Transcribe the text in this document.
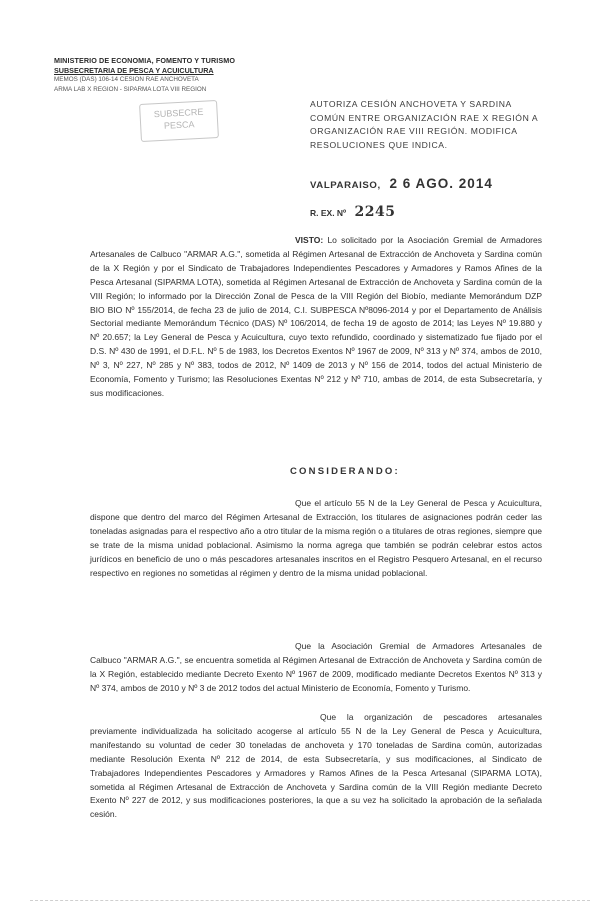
MINISTERIO DE ECONOMIA, FOMENTO Y TURISMO
SUBSECRETARIA DE PESCA Y ACUICULTURA
MEMOS (DAS) 106-14 CESION RAE ANCHOVETA
ARMA LAB X REGION - SIPARMA LOTA VIII REGION
SUBSECRE
PESCA
AUTORIZA CESIÓN ANCHOVETA Y SARDINA COMÚN ENTRE ORGANIZACIÓN RAE X REGIÓN A ORGANIZACIÓN RAE VIII REGIÓN. MODIFICA RESOLUCIONES QUE INDICA.
VALPARAISO, 2 6 AGO. 2014
R. EX. Nº 2245
VISTO: Lo solicitado por la Asociación Gremial de Armadores Artesanales de Calbuco "ARMAR A.G.", sometida al Régimen Artesanal de Extracción de Anchoveta y Sardina común de la X Región y por el Sindicato de Trabajadores Independientes Pescadores y Armadores y Ramos Afines de la Pesca Artesanal (SIPARMA LOTA), sometida al Régimen Artesanal de Extracción de Anchoveta y Sardina común de la VIII Región; lo informado por la Dirección Zonal de Pesca de la VIII Región del Biobío, mediante Memorándum DZP BIO BIO Nº 155/2014, de fecha 23 de julio de 2014, C.I. SUBPESCA Nº8096-2014 y por el Departamento de Análisis Sectorial mediante Memorándum Técnico (DAS) Nº 106/2014, de fecha 19 de agosto de 2014; las Leyes Nº 19.880 y Nº 20.657; la Ley General de Pesca y Acuicultura, cuyo texto refundido, coordinado y sistematizado fue fijado por el D.S. Nº 430 de 1991, el D.F.L. Nº 5 de 1983, los Decretos Exentos Nº 1967 de 2009, Nº 313 y Nº 374, ambos de 2010, Nº 3, Nº 227, Nº 285 y Nº 383, todos de 2012, Nº 1409 de 2013 y Nº 156 de 2014, todos del actual Ministerio de Economía, Fomento y Turismo; las Resoluciones Exentas Nº 212 y Nº 710, ambas de 2014, de esta Subsecretaría, y sus modificaciones.
CONSIDERANDO:
Que el artículo 55 N de la Ley General de Pesca y Acuicultura, dispone que dentro del marco del Régimen Artesanal de Extracción, los titulares de asignaciones podrán ceder las toneladas asignadas para el respectivo año a otro titular de la misma región o a titulares de otras regiones, siempre que se trate de la misma unidad poblacional. Asimismo la norma agrega que también se podrán celebrar estos actos jurídicos en beneficio de uno o más pescadores artesanales inscritos en el Registro Pesquero Artesanal, en el recurso respectivo en regiones no sometidas al régimen y dentro de la misma unidad poblacional.
Que la Asociación Gremial de Armadores Artesanales de Calbuco "ARMAR A.G.", se encuentra sometida al Régimen Artesanal de Extracción de Anchoveta y Sardina común de la X Región, establecido mediante Decreto Exento Nº 1967 de 2009, modificado mediante Decretos Exentos Nº 313 y Nº 374, ambos de 2010 y Nº 3 de 2012 todos del actual Ministerio de Economía, Fomento y Turismo.
Que la organización de pescadores artesanales previamente individualizada ha solicitado acogerse al artículo 55 N de la Ley General de Pesca y Acuicultura, manifestando su voluntad de ceder 30 toneladas de anchoveta y 170 toneladas de Sardina común, autorizadas mediante Resolución Exenta Nº 212 de 2014, de esta Subsecretaría, y sus modificaciones, al Sindicato de Trabajadores Independientes Pescadores y Armadores y Ramos Afines de la Pesca Artesanal (SIPARMA LOTA), sometida al Régimen Artesanal de Extracción de Anchoveta y Sardina común de la VIII Región mediante Decreto Exento Nº 227 de 2012, y sus modificaciones posteriores, la que a su vez ha solicitado la aprobación de la señalada cesión.
